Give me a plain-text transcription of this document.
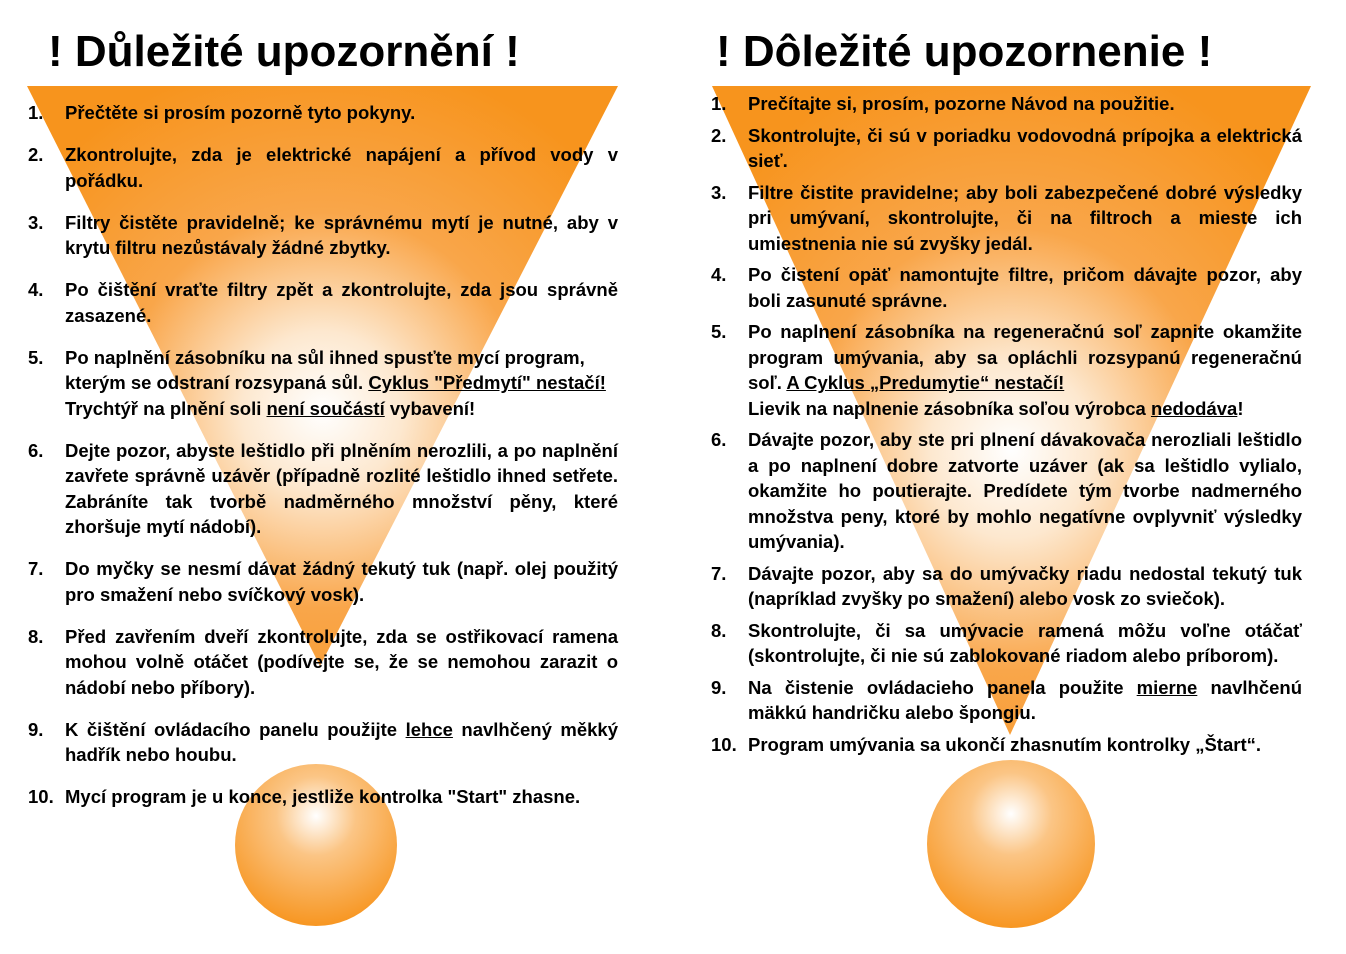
! Důležité upozornění !	! Dôležité upozornenie !
1. Přečtěte si prosím pozorně tyto pokyny.
2. Zkontrolujte, zda je elektrické napájení a přívod vody v pořádku.
3. Filtry čistěte pravidelně; ke správnému mytí je nutné, aby v krytu filtru nezůstávaly žádné zbytky.
4. Po čištění vraťte filtry zpět a zkontrolujte, zda jsou správně zasazené.
5. Po naplnění zásobníku na sůl ihned spusťte mycí program, kterým se odstraní rozsypaná sůl. Cyklus "Předmytí" nestačí!
Trychtýř na plnění soli není součástí vybavení!
6. Dejte pozor, abyste leštidlo při plněním nerozlili, a po naplnění zavřete správně uzávěr (případně rozlité leštidlo ihned setřete. Zabráníte tak tvorbě nadměrného množství pěny, které zhoršuje mytí nádobí).
7. Do myčky se nesmí dávat žádný tekutý tuk (např. olej použitý pro smažení nebo svíčkový vosk).
8. Před zavřením dveří zkontrolujte, zda se ostřikovací ramena mohou volně otáčet (podívejte se, že se nemohou zarazit o nádobí nebo příbory).
9. K čištění ovládacího panelu použijte lehce navlhčený měkký hadřík nebo houbu.
10. Mycí program je u konce, jestliže kontrolka "Start" zhasne.
1. Prečítajte si, prosím, pozorne Návod na použitie.
2. Skontrolujte, či sú v poriadku vodovodná prípojka a elektrická sieť.
3. Filtre čistite pravidelne; aby boli zabezpečené dobré výsledky pri umývaní, skontrolujte, či na filtroch a mieste ich umiestnenia nie sú zvyšky jedál.
4. Po čistení opäť namontujte filtre, pričom dávajte pozor, aby boli zasunuté správne.
5. Po naplnení zásobníka na regeneračnú soľ zapnite okamžite program umývania, aby sa opláchli rozsypanú regeneračnú soľ. A Cyklus „Predumytie“ nestačí!
Lievik na naplnenie zásobníka soľou výrobca nedodáva!
6. Dávajte pozor, aby ste pri plnení dávakovača nerozliali leštidlo a po naplnení dobre zatvorte uzáver (ak sa leštidlo vylialo, okamžite ho poutierajte. Predídete tým tvorbe nadmerného množstva peny, ktoré by mohlo negatívne ovplyvniť výsledky umývania).
7. Dávajte pozor, aby sa do umývačky riadu nedostal tekutý tuk (napríklad zvyšky po smažení) alebo vosk zo sviečok).
8. Skontrolujte, či sa umývacie ramená môžu voľne otáčať (skontrolujte, či nie sú zablokované riadom alebo príborom).
9. Na čistenie ovládacieho panela použite mierne navlhčenú mäkkú handričku alebo špongiu.
10. Program umývania sa ukončí zhasnutím kontrolky „Štart“.
